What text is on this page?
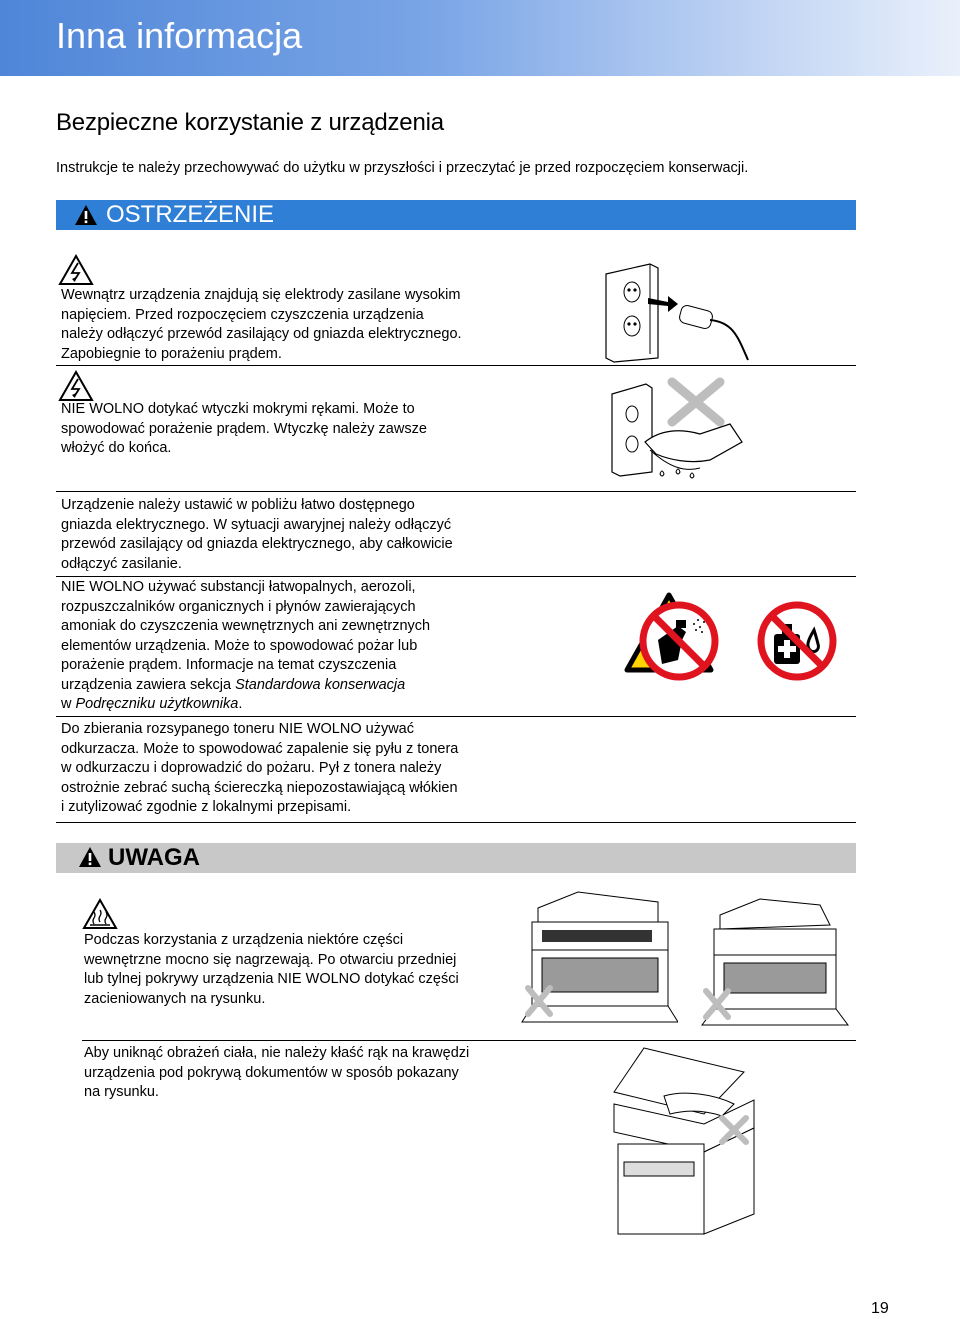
Inna informacja
Bezpieczne korzystanie z urządzenia
Instrukcje te należy przechowywać do użytku w przyszłości i przeczytać je przed rozpoczęciem konserwacji.
OSTRZEŻENIE
Wewnątrz urządzenia znajdują się elektrody zasilane wysokim
napięciem. Przed rozpoczęciem czyszczenia urządzenia
należy odłączyć przewód zasilający od gniazda elektrycznego.
Zapobiegnie to porażeniu prądem.
NIE WOLNO dotykać wtyczki mokrymi rękami. Może to
spowodować porażenie prądem. Wtyczkę należy zawsze
włożyć do końca.
Urządzenie należy ustawić w pobliżu łatwo dostępnego
gniazda elektrycznego. W sytuacji awaryjnej należy odłączyć
przewód zasilający od gniazda elektrycznego, aby całkowicie
odłączyć zasilanie.
NIE WOLNO używać substancji łatwopalnych, aerozoli,
rozpuszczalników organicznych i płynów zawierających
amoniak do czyszczenia wewnętrznych ani zewnętrznych
elementów urządzenia. Może to spowodować pożar lub
porażenie prądem. Informacje na temat czyszczenia
urządzenia zawiera sekcja Standardowa konserwacja
w Podręczniku użytkownika.
Do zbierania rozsypanego toneru NIE WOLNO używać
odkurzacza. Może to spowodować zapalenie się pyłu z tonera
w odkurzaczu i doprowadzić do pożaru. Pył z tonera należy
ostrożnie zebrać suchą ściereczką niepozostawiającą włókien
i zutylizować zgodnie z lokalnymi przepisami.
UWAGA
Podczas korzystania z urządzenia niektóre części
wewnętrzne mocno się nagrzewają. Po otwarciu przedniej
lub tylnej pokrywy urządzenia NIE WOLNO dotykać części
zacieniowanych na rysunku.
Aby uniknąć obrażeń ciała, nie należy kłaść rąk na krawędzi
urządzenia pod pokrywą dokumentów w sposób pokazany
na rysunku.
19
